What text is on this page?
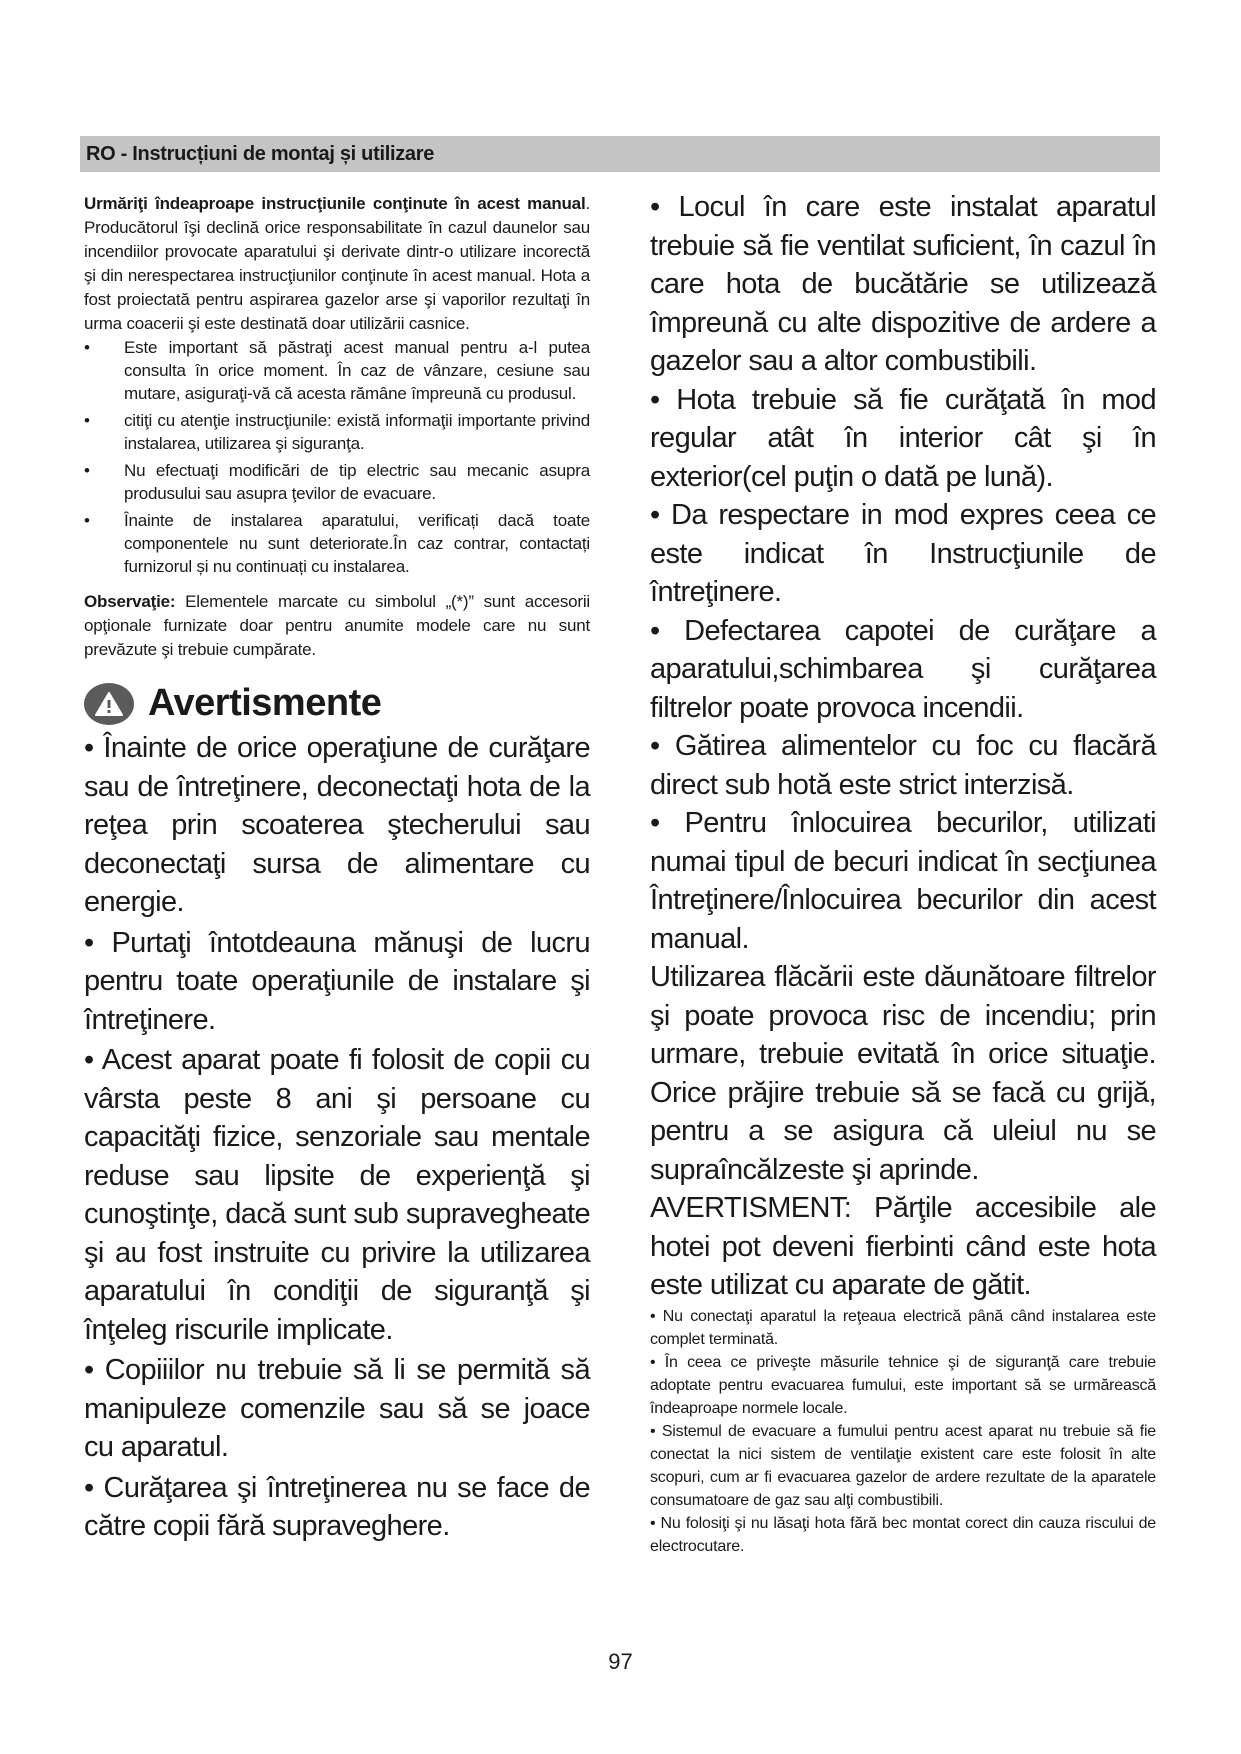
RO - Instrucțiuni de montaj și utilizare

Urmăriţi îndeaproape instrucţiunile conţinute în acest manual. Producătorul îşi declină orice responsabilitate în cazul daunelor sau incendiilor provocate aparatului şi derivate dintr-o utilizare incorectă şi din nerespectarea instrucţiunilor conţinute în acest manual. Hota a fost proiectată pentru aspirarea gazelor arse şi vaporilor rezultaţi în urma coacerii şi este destinată doar utilizării casnice.

• Este important să păstraţi acest manual pentru a-l putea consulta în orice moment. În caz de vânzare, cesiune sau mutare, asiguraţi-vă că acesta rămâne împreună cu produsul.
• citiţi cu atenţie instrucţiunile: există informaţii importante privind instalarea, utilizarea şi siguranţa.
• Nu efectuaţi modificări de tip electric sau mecanic asupra produsului sau asupra ţevilor de evacuare.
• Înainte de instalarea aparatului, verificați dacă toate componentele nu sunt deteriorate.În caz contrar, contactați furnizorul și nu continuați cu instalarea.

Observaţie: Elementele marcate cu simbolul „(*)” sunt accesorii opţionale furnizate doar pentru anumite modele care nu sunt prevăzute şi trebuie cumpărate.

Avertismente

• Înainte de orice operaţiune de curăţare sau de întreţinere, deconectaţi hota de la reţea prin scoaterea ştecherului sau deconectaţi sursa de alimentare cu energie.

• Purtaţi întotdeauna mănuşi de lucru pentru toate operaţiunile de instalare şi întreţinere.

• Acest aparat poate fi folosit de copii cu vârsta peste 8 ani şi persoane cu capacităţi fizice, senzoriale sau mentale reduse sau lipsite de experienţă şi cunoştinţe, dacă sunt sub supravegheate şi au fost instruite cu privire la utilizarea aparatului în condiţii de siguranţă şi înţeleg riscurile implicate.

• Copiiilor nu trebuie să li se permită să manipuleze comenzile sau să se joace cu aparatul.

• Curăţarea şi întreţinerea nu se face de către copii fără supraveghere.

• Locul în care este instalat aparatul trebuie să fie ventilat suficient, în cazul în care hota de bucătărie se utilizează împreună cu alte dispozitive de ardere a gazelor sau a altor combustibili.

• Hota trebuie să fie curăţată în mod regular atât în interior cât şi în exterior(cel puţin o dată pe lună).

• Da respectare in mod expres ceea ce este indicat în Instrucţiunile de întreţinere.

• Defectarea capotei de curăţare a aparatului,schimbarea şi curăţarea filtrelor poate provoca incendii.

• Gătirea alimentelor cu foc cu flacără direct sub hotă este strict interzisă.

• Pentru înlocuirea becurilor, utilizati numai tipul de becuri indicat în secţiunea Întreţinere/Înlocuirea becurilor din acest manual.

Utilizarea flăcării este dăunătoare filtrelor şi poate provoca risc de incendiu; prin urmare, trebuie evitată în orice situaţie. Orice prăjire trebuie să se facă cu grijă, pentru a se asigura că uleiul nu se supraîncălzeste şi aprinde.

AVERTISMENT: Părţile accesibile ale hotei pot deveni fierbinti când este hota este utilizat cu aparate de gătit.

• Nu conectaţi aparatul la reţeaua electrică până când instalarea este complet terminată.

• În ceea ce priveşte măsurile tehnice şi de siguranţă care trebuie adoptate pentru evacuarea fumului, este important să se urmărească îndeaproape normele locale.

• Sistemul de evacuare a fumului pentru acest aparat nu trebuie să fie conectat la nici sistem de ventilaţie existent care este folosit în alte scopuri, cum ar fi evacuarea gazelor de ardere rezultate de la aparatele consumatoare de gaz sau alţi combustibili.

• Nu folosiţi şi nu lăsaţi hota fără bec montat corect din cauza riscului de electrocutare.

97
